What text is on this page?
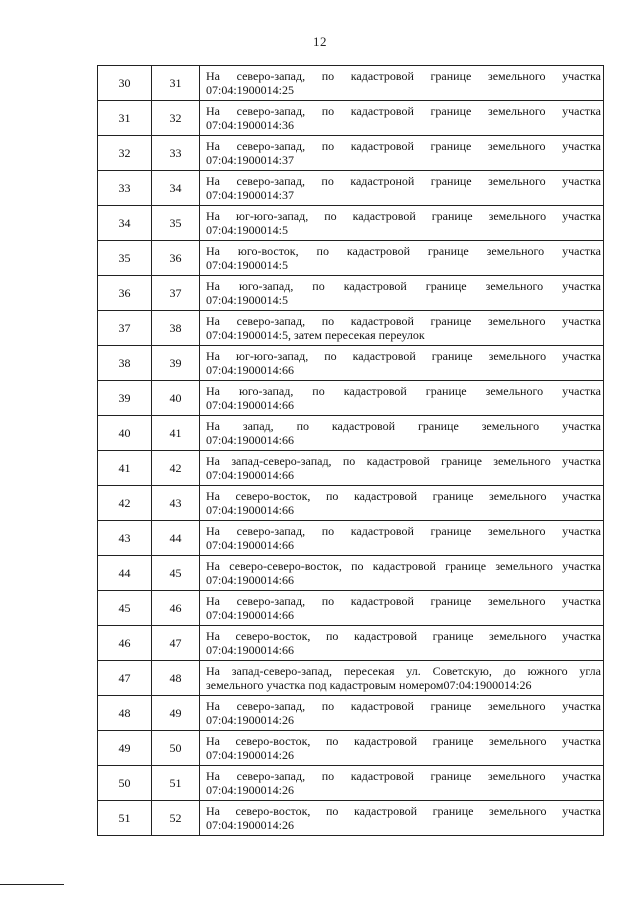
12
30	31	На северо-запад, по кадастровой границе земельного участка
07:04:1900014:25

31	32	На северо-запад, по кадастровой границе земельного участка
07:04:1900014:36

32	33	На северо-запад, по кадастровой границе земельного участка
07:04:1900014:37

33	34	На северо-запад, по кадастроной границе земельного участка
07:04:1900014:37

34	35	На юг-юго-запад, по кадастровой границе земельного участка
07:04:1900014:5

35	36	На юго-восток, по кадастровой границе земельного участка
07:04:1900014:5

36	37	На юго-запад, по кадастровой границе земельного участка
07:04:1900014:5

37	38	На северо-запад, по кадастровой границе земельного участка
07:04:1900014:5, затем пересекая переулок

38	39	На юг-юго-запад, по кадастровой границе земельного участка
07:04:1900014:66

39	40	На юго-запад, по кадастровой границе земельного участка
07:04:1900014:66

40	41	На запад, по кадастровой границе земельного участка
07:04:1900014:66

41	42	На запад-северо-запад, по кадастровой границе земельного участка
07:04:1900014:66

42	43	На северо-восток, по кадастровой границе земельного участка
07:04:1900014:66

43	44	На северо-запад, по кадастровой границе земельного участка
07:04:1900014:66

44	45	На северо-северо-восток, по кадастровой границе земельного участка
07:04:1900014:66

45	46	На северо-запад, по кадастровой границе земельного участка
07:04:1900014:66

46	47	На северо-восток, по кадастровой границе земельного участка
07:04:1900014:66

47	48	На запад-северо-запад, пересекая ул. Советскую, до южного угла
земельного участка под кадастровым номером07:04:1900014:26

48	49	На северо-запад, по кадастровой границе земельного участка
07:04:1900014:26

49	50	На северо-восток, по кадастровой границе земельного участка
07:04:1900014:26

50	51	На северо-запад, по кадастровой границе земельного участка
07:04:1900014:26

51	52	На северо-восток, по кадастровой границе земельного участка
07:04:1900014:26
